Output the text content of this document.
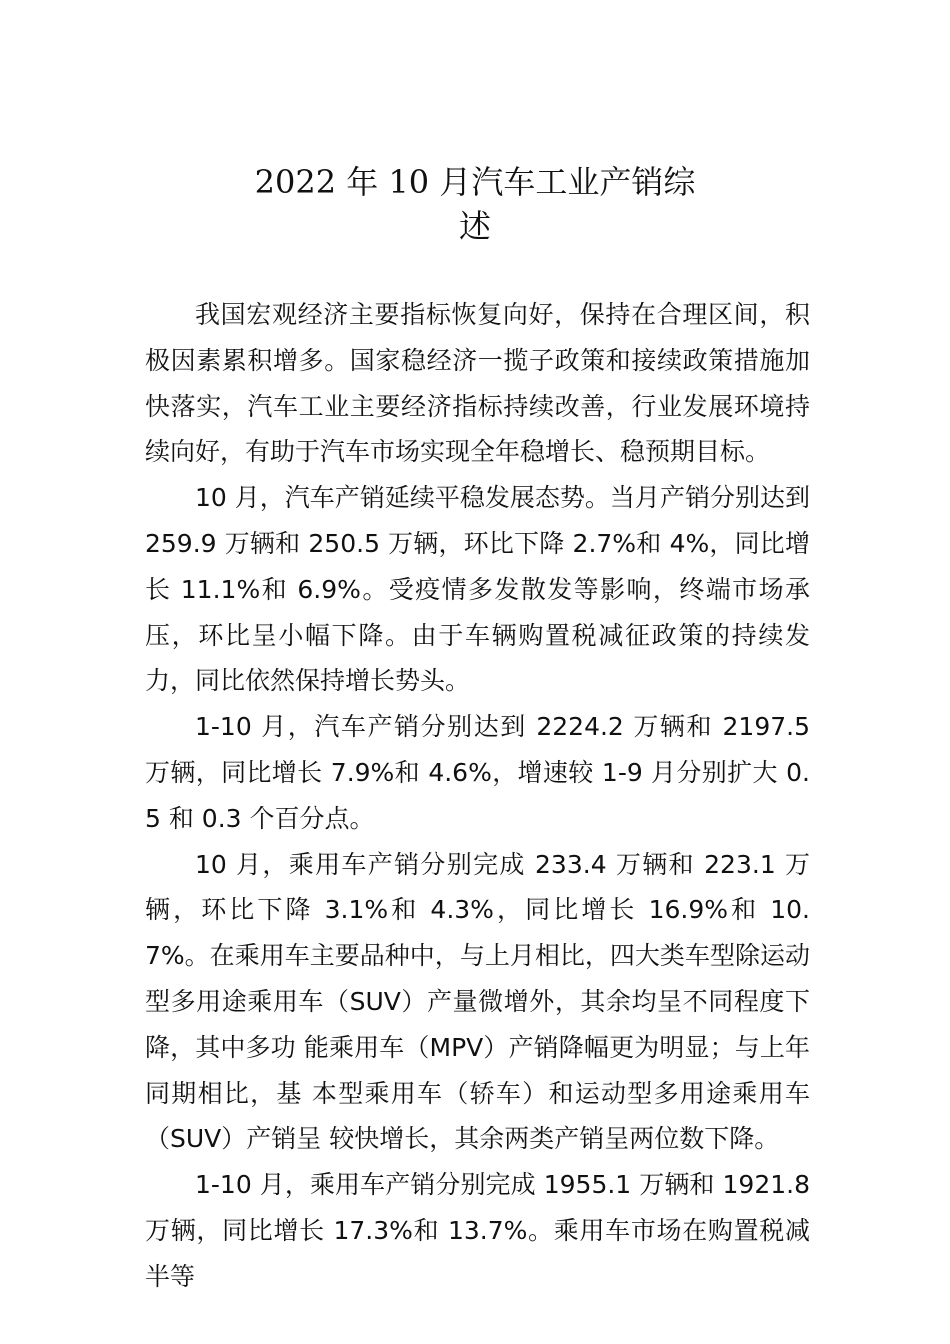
2022 年 10 月汽车工业产销综
述

我国宏观经济主要指标恢复向好，保持在合理区间，积极因素累积增多。国家稳经济一揽子政策和接续政策措施加快落实，汽车工业主要经济指标持续改善，行业发展环境持续向好，有助于汽车市场实现全年稳增长、稳预期目标。

10 月，汽车产销延续平稳发展态势。当月产销分别达到 259.9 万辆和 250.5 万辆，环比下降 2.7%和 4%，同比增长 11.1%和 6.9%。受疫情多发散发等影响，终端市场承压，环比呈小幅下降。由于车辆购置税减征政策的持续发力，同比依然保持增长势头。

1-10 月，汽车产销分别达到 2224.2 万辆和 2197.5 万辆，同比增长 7.9%和 4.6%，增速较 1-9 月分别扩大 0.5 和 0.3 个百分点。

10 月，乘用车产销分别完成 233.4 万辆和 223.1 万辆，环比下降 3.1%和 4.3%，同比增长 16.9%和 10.7%。在乘用车主要品种中，与上月相比，四大类车型除运动型多用途乘用车（SUV）产量微增外，其余均呈不同程度下降，其中多功 能乘用车（MPV）产销降幅更为明显；与上年同期相比，基 本型乘用车（轿车）和运动型多用途乘用车（SUV）产销呈 较快增长，其余两类产销呈两位数下降。

1-10 月，乘用车产销分别完成 1955.1 万辆和 1921.8 万辆，同比增长 17.3%和 13.7%。乘用车市场在购置税减半等
